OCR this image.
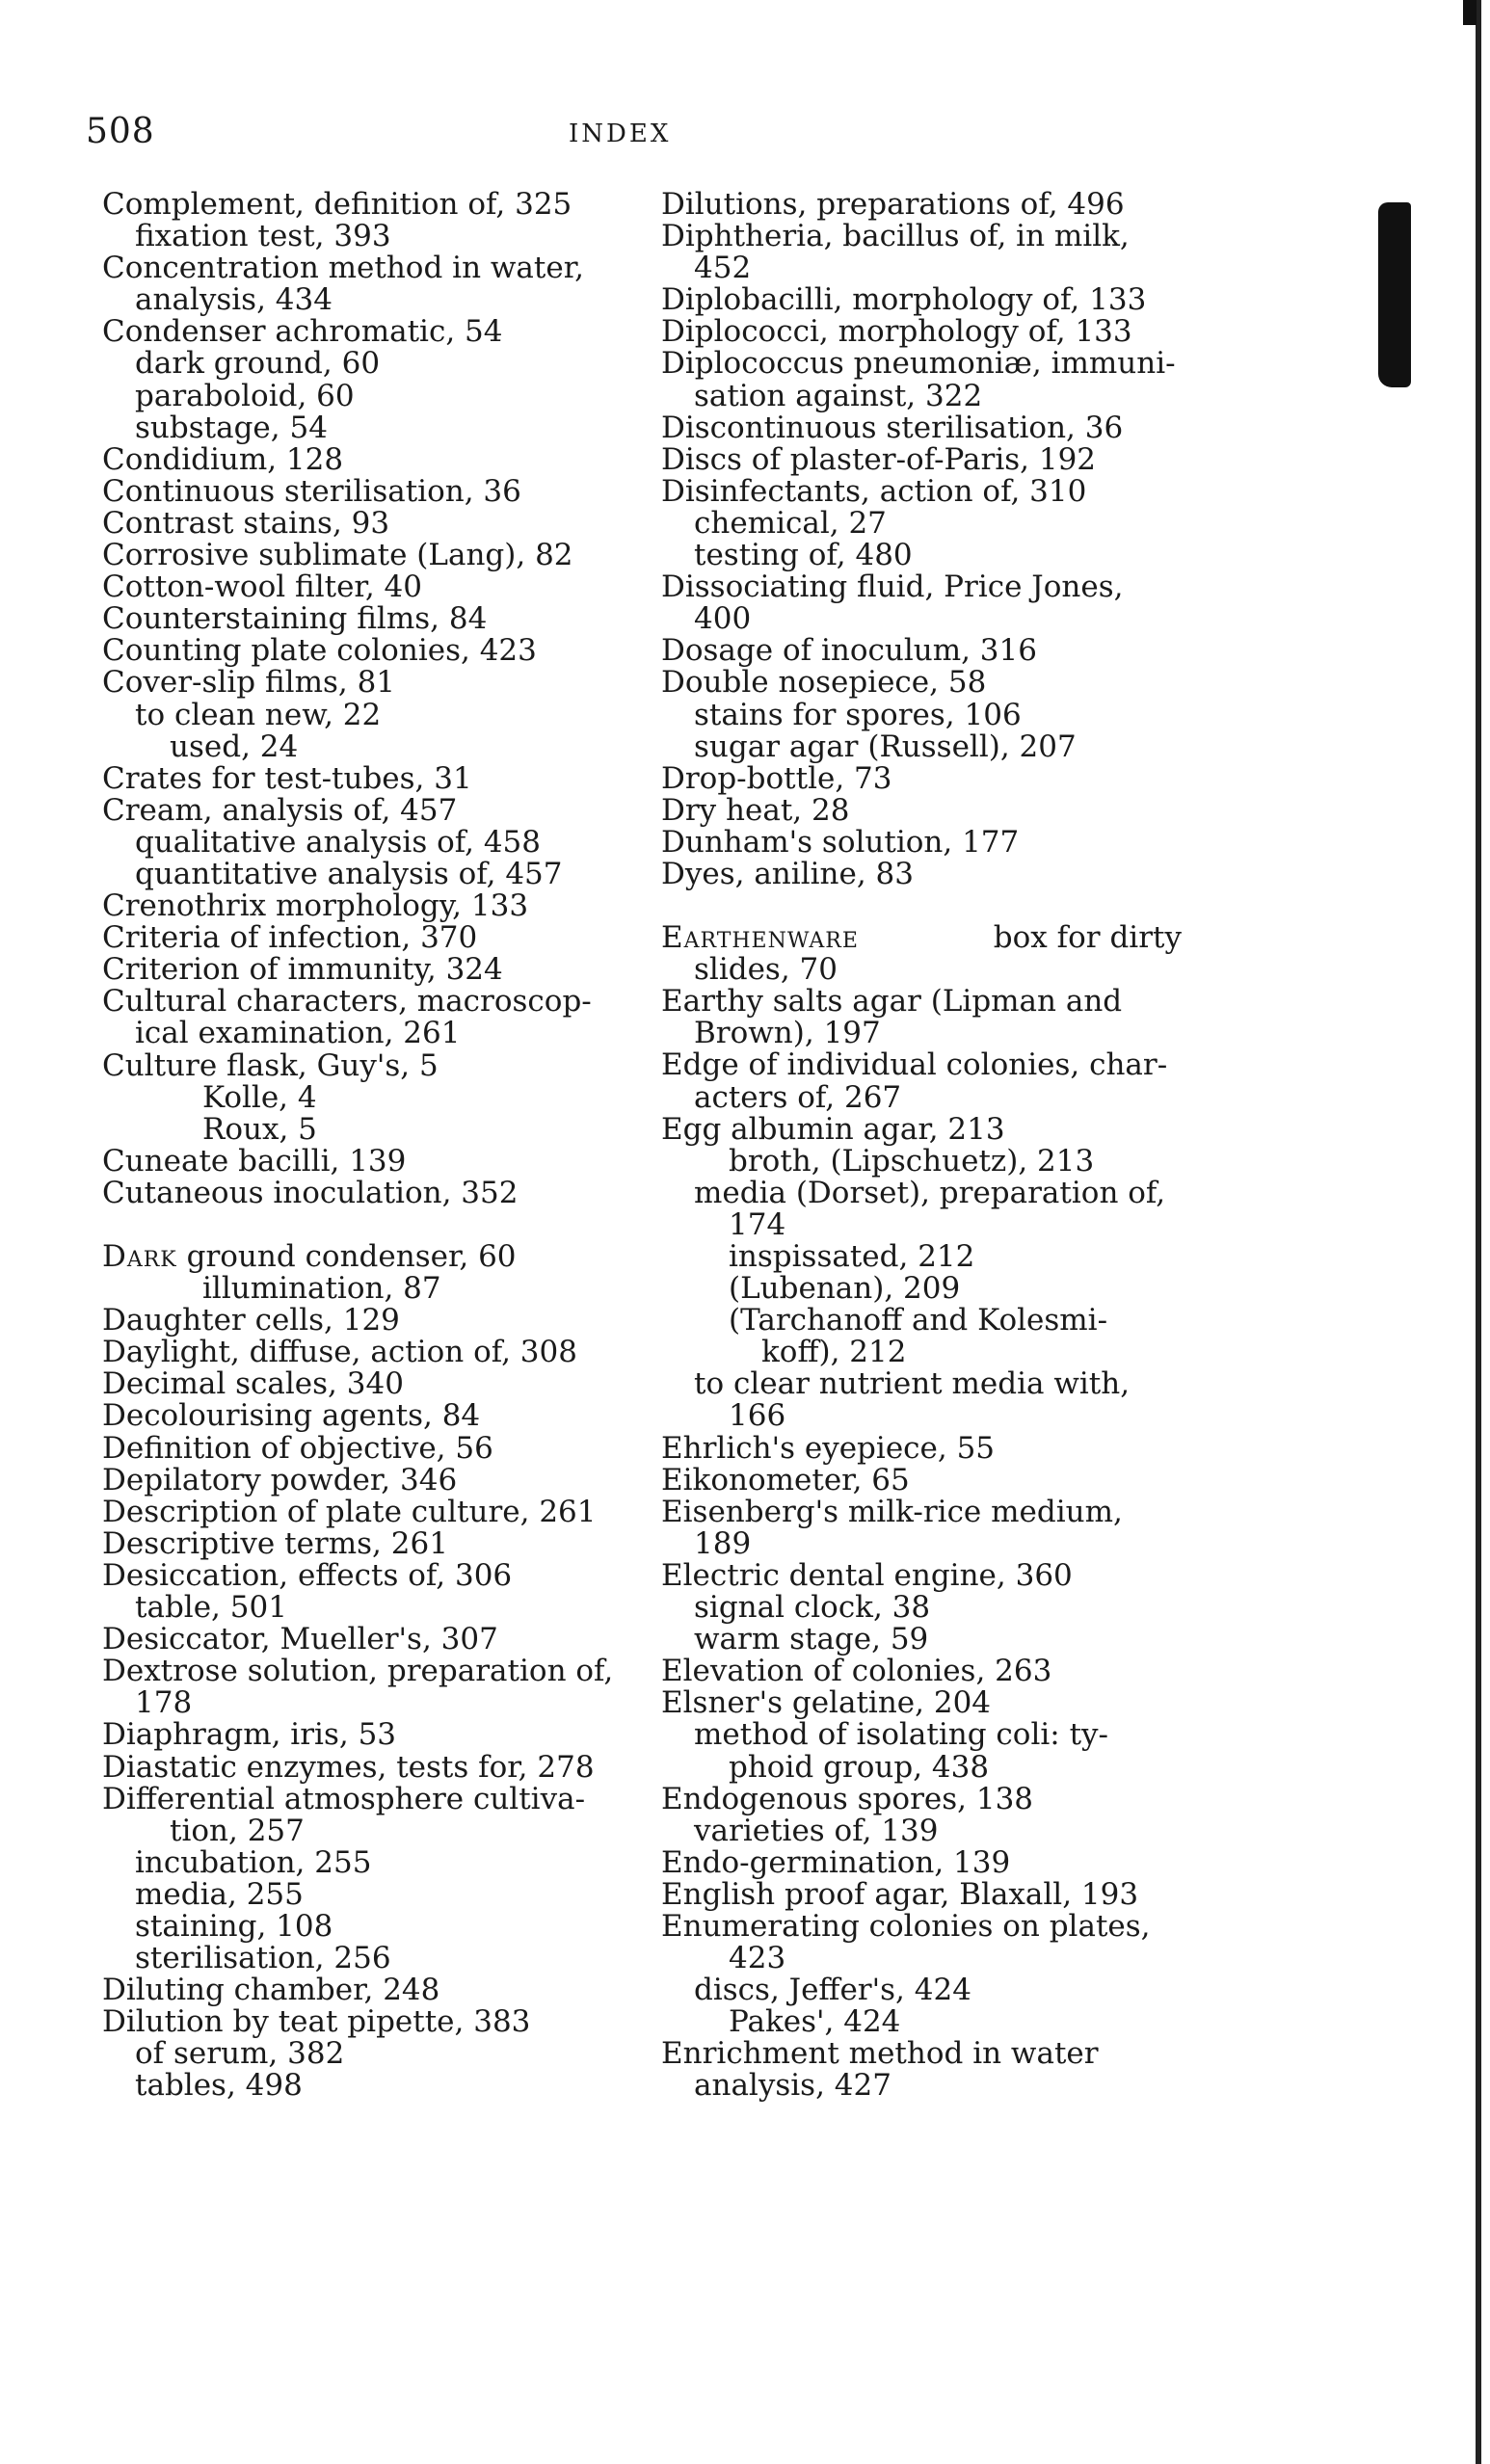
508	INDEX
Complement, definition of, 325
fixation test, 393
Concentration method in water,
analysis, 434
Condenser achromatic, 54
dark ground, 60
paraboloid, 60
substage, 54
Condidium, 128
Continuous sterilisation, 36
Contrast stains, 93
Corrosive sublimate (Lang), 82
Cotton-wool filter, 40
Counterstaining films, 84
Counting plate colonies, 423
Cover-slip films, 81
to clean new, 22
used, 24
Crates for test-tubes, 31
Cream, analysis of, 457
qualitative analysis of, 458
quantitative analysis of, 457
Crenothrix morphology, 133
Criteria of infection, 370
Criterion of immunity, 324
Cultural characters, macroscop-
ical examination, 261
Culture flask, Guy's, 5
Kolle, 4
Roux, 5
Cuneate bacilli, 139
Cutaneous inoculation, 352
Dark ground condenser, 60
illumination, 87
Daughter cells, 129
Daylight, diffuse, action of, 308
Decimal scales, 340
Decolourising agents, 84
Definition of objective, 56
Depilatory powder, 346
Description of plate culture, 261
Descriptive terms, 261
Desiccation, effects of, 306
table, 501
Desiccator, Mueller's, 307
Dextrose solution, preparation of,
178
Diaphragm, iris, 53
Diastatic enzymes, tests for, 278
Differential atmosphere cultiva-
tion, 257
incubation, 255
media, 255
staining, 108
sterilisation, 256
Diluting chamber, 248
Dilution by teat pipette, 383
of serum, 382
tables, 498
Dilutions, preparations of, 496
Diphtheria, bacillus of, in milk,
452
Diplobacilli, morphology of, 133
Diplococci, morphology of, 133
Diplococcus pneumoniæ, immuni-
sation against, 322
Discontinuous sterilisation, 36
Discs of plaster-of-Paris, 192
Disinfectants, action of, 310
chemical, 27
testing of, 480
Dissociating fluid, Price Jones,
400
Dosage of inoculum, 316
Double nosepiece, 58
stains for spores, 106
sugar agar (Russell), 207
Drop-bottle, 73
Dry heat, 28
Dunham's solution, 177
Dyes, aniline, 83
Earthenware	box for dirty
slides, 70
Earthy salts agar (Lipman and
Brown), 197
Edge of individual colonies, char-
acters of, 267
Egg albumin agar, 213
broth, (Lipschuetz), 213
media (Dorset), preparation of,
174
inspissated, 212
(Lubenan), 209
(Tarchanoff and Kolesmi-
koff), 212
to clear nutrient media with,
166
Ehrlich's eyepiece, 55
Eikonometer, 65
Eisenberg's milk-rice medium,
189
Electric dental engine, 360
signal clock, 38
warm stage, 59
Elevation of colonies, 263
Elsner's gelatine, 204
method of isolating coli: ty-
phoid group, 438
Endogenous spores, 138
varieties of, 139
Endo-germination, 139
English proof agar, Blaxall, 193
Enumerating colonies on plates,
423
discs, Jeffer's, 424
Pakes', 424
Enrichment method in water
analysis, 427
